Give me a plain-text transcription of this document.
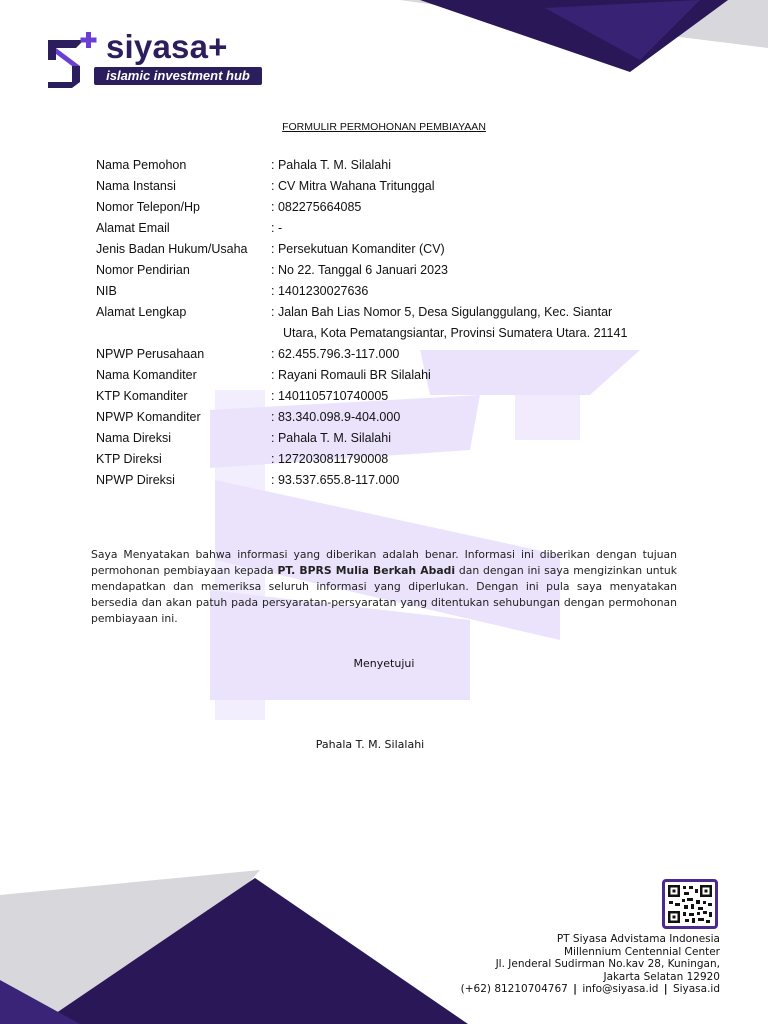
siyasa+
islamic investment hub
FORMULIR PERMOHONAN PEMBIAYAAN
Nama Pemohon	: Pahala T. M. Silalahi
Nama Instansi	: CV Mitra Wahana Tritunggal
Nomor Telepon/Hp	: 082275664085
Alamat Email	: -
Jenis Badan Hukum/Usaha	: Persekutuan Komanditer (CV)
Nomor Pendirian	: No 22. Tanggal 6 Januari 2023
NIB	: 1401230027636
Alamat Lengkap	: Jalan Bah Lias Nomor 5, Desa Sigulanggulang, Kec. Siantar
Utara, Kota Pematangsiantar, Provinsi Sumatera Utara. 21141
NPWP Perusahaan	: 62.455.796.3-117.000
Nama Komanditer	: Rayani Romauli BR Silalahi
KTP Komanditer	: 1401105710740005
NPWP Komanditer	: 83.340.098.9-404.000
Nama Direksi	: Pahala T. M. Silalahi
KTP Direksi	: 1272030811790008
NPWP Direksi	: 93.537.655.8-117.000
Saya Menyatakan bahwa informasi yang diberikan adalah benar. Informasi ini diberikan dengan tujuan permohonan pembiayaan kepada PT. BPRS Mulia Berkah Abadi dan dengan ini saya mengizinkan untuk mendapatkan dan memeriksa seluruh informasi yang diperlukan. Dengan ini pula saya menyatakan bersedia dan akan patuh pada persyaratan-persyaratan yang ditentukan sehubungan dengan permohonan pembiayaan ini.
Menyetujui
Pahala T. M. Silalahi
PT Siyasa Advistama Indonesia
Millennium Centennial Center
Jl. Jenderal Sudirman No.kav 28, Kuningan,
Jakarta Selatan 12920
(+62) 81210704767 | info@siyasa.id | Siyasa.id
